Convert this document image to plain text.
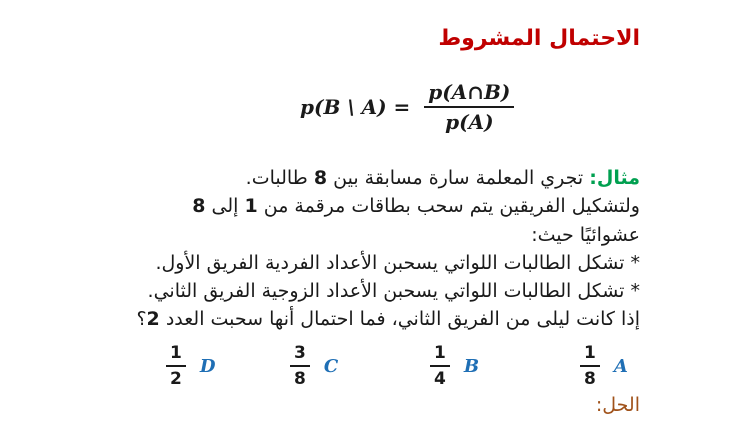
الاحتمال المشروط
p(B \ $A) = \frac{p(A\cap B)}{p(A)}$
مثال: تجري المعلمة سارة مسابقة بين 8 طالبات.
ولتشكيل الفريقين يتم سحب بطاقات مرقمة من 1 إلى 8
عشوائيًا حيث:
* تشكل الطالبات اللواتي يسحبن الأعداد الفردية الفريق الأول.
* تشكل الطالبات اللواتي يسحبن الأعداد الزوجية الفريق الثاني.
إذا كانت ليلى من الفريق الثاني، فما احتمال أنها سحبت العدد 2؟
$\frac{1}{8}$ A
$\frac{1}{4}$ B
$\frac{3}{8}$ C
$\frac{1}{2}$ D
الحل:
